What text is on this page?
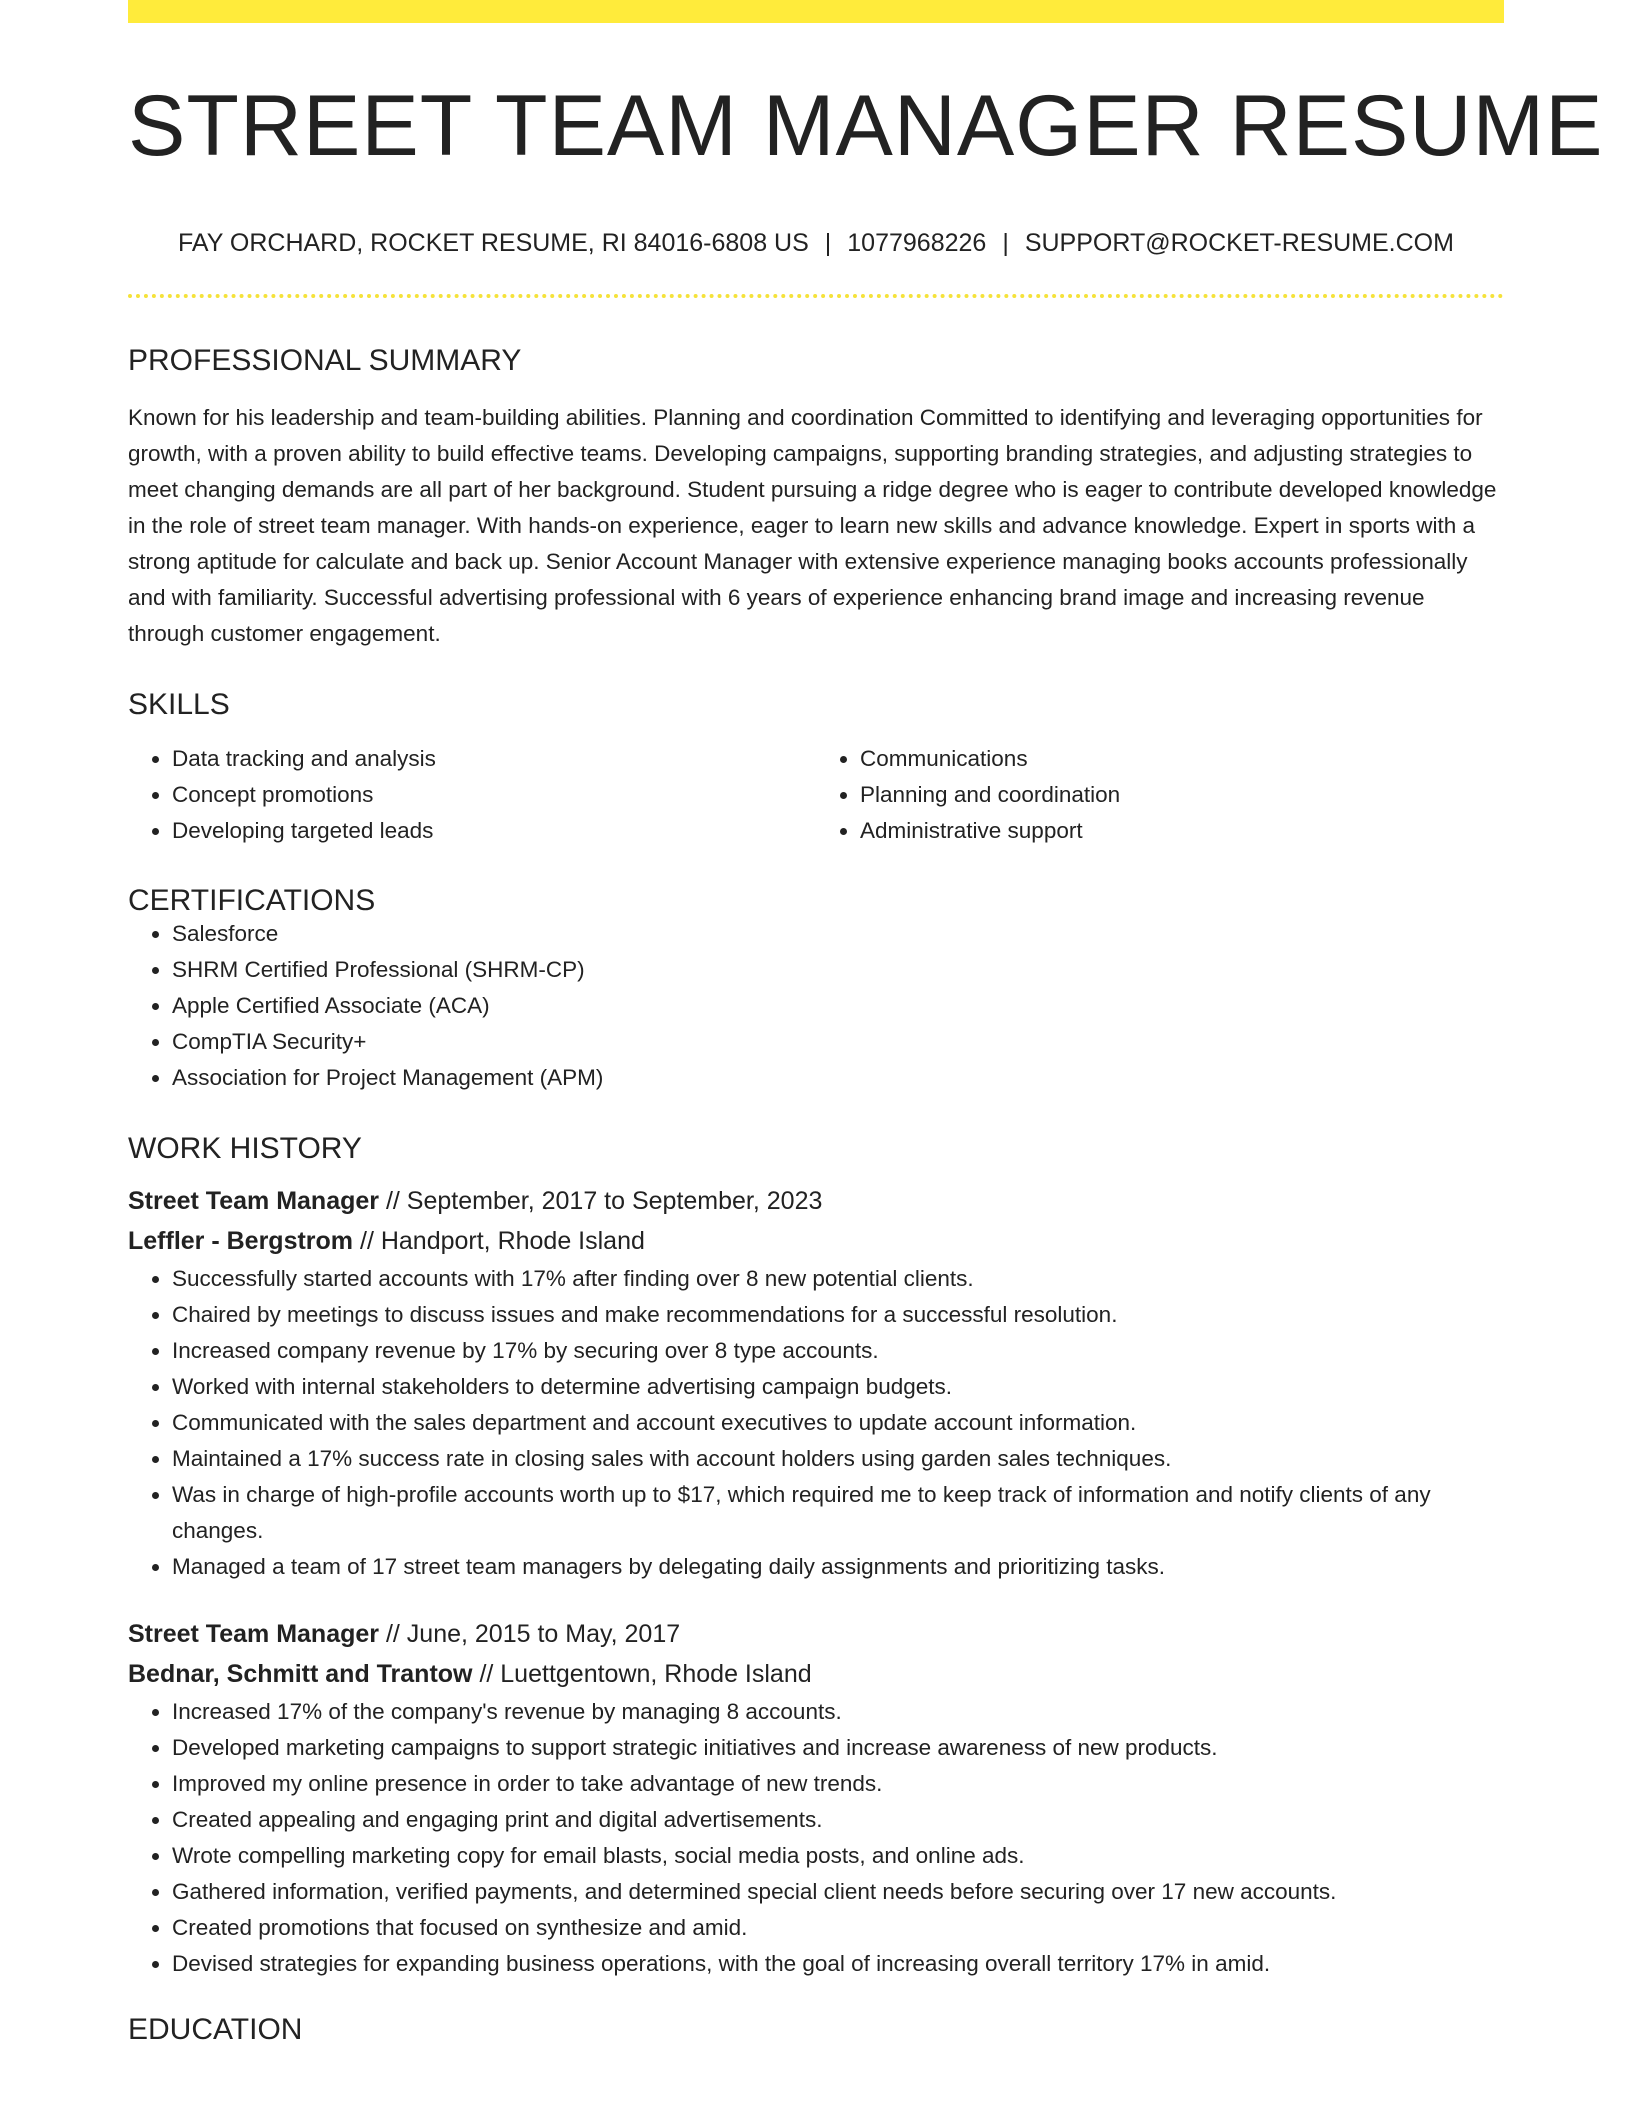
STREET TEAM MANAGER RESUME
FAY ORCHARD, ROCKET RESUME, RI 84016-6808 US | 1077968226 | SUPPORT@ROCKET-RESUME.COM
PROFESSIONAL SUMMARY

Known for his leadership and team-building abilities. Planning and coordination Committed to identifying and leveraging opportunities for growth, with a proven ability to build effective teams. Developing campaigns, supporting branding strategies, and adjusting strategies to meet changing demands are all part of her background. Student pursuing a ridge degree who is eager to contribute developed knowledge in the role of street team manager. With hands-on experience, eager to learn new skills and advance knowledge. Expert in sports with a strong aptitude for calculate and back up. Senior Account Manager with extensive experience managing books accounts professionally and with familiarity. Successful advertising professional with 6 years of experience enhancing brand image and increasing revenue through customer engagement.

SKILLS
• Data tracking and analysis
• Concept promotions
• Developing targeted leads
• Communications
• Planning and coordination
• Administrative support
CERTIFICATIONS
• Salesforce
• SHRM Certified Professional (SHRM-CP)
• Apple Certified Associate (ACA)
• CompTIA Security+
• Association for Project Management (APM)
WORK HISTORY
Street Team Manager // September, 2017 to September, 2023
Leffler - Bergstrom // Handport, Rhode Island
• Successfully started accounts with 17% after finding over 8 new potential clients.
• Chaired by meetings to discuss issues and make recommendations for a successful resolution.
• Increased company revenue by 17% by securing over 8 type accounts.
• Worked with internal stakeholders to determine advertising campaign budgets.
• Communicated with the sales department and account executives to update account information.
• Maintained a 17% success rate in closing sales with account holders using garden sales techniques.
• Was in charge of high-profile accounts worth up to $17, which required me to keep track of information and notify clients of any changes.
• Managed a team of 17 street team managers by delegating daily assignments and prioritizing tasks.
Street Team Manager // June, 2015 to May, 2017
Bednar, Schmitt and Trantow // Luettgentown, Rhode Island
• Increased 17% of the company's revenue by managing 8 accounts.
• Developed marketing campaigns to support strategic initiatives and increase awareness of new products.
• Improved my online presence in order to take advantage of new trends.
• Created appealing and engaging print and digital advertisements.
• Wrote compelling marketing copy for email blasts, social media posts, and online ads.
• Gathered information, verified payments, and determined special client needs before securing over 17 new accounts.
• Created promotions that focused on synthesize and amid.
• Devised strategies for expanding business operations, with the goal of increasing overall territory 17% in amid.
EDUCATION
